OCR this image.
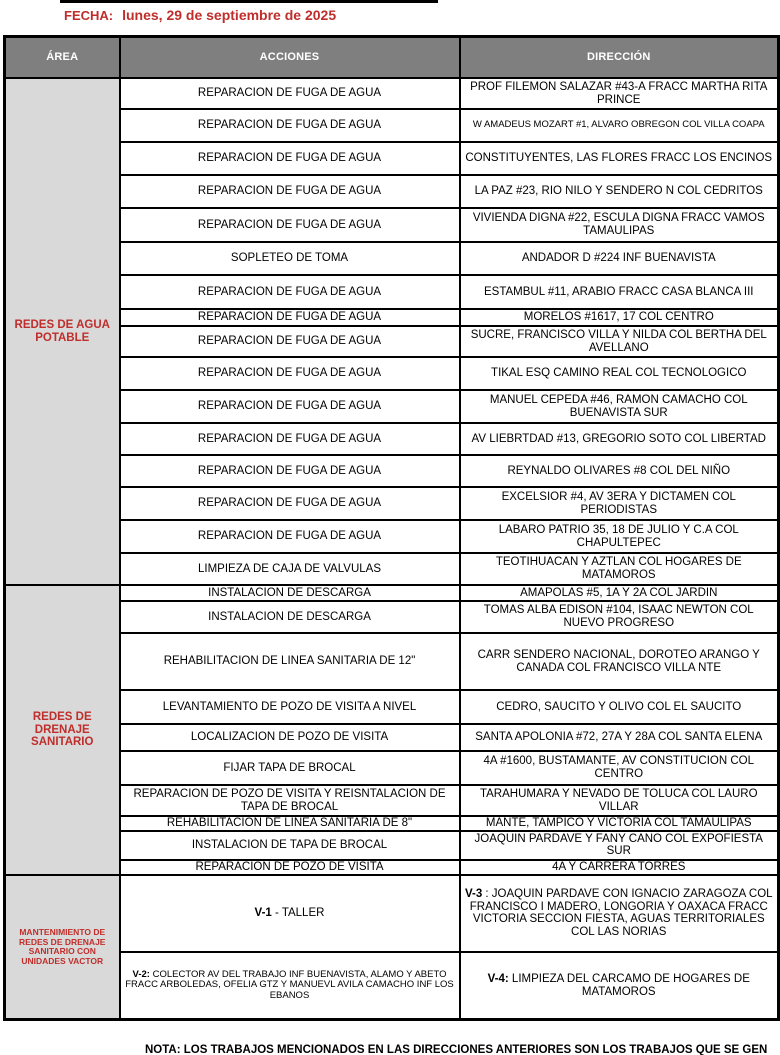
FECHA: lunes, 29 de septiembre de 2025
ÁREA	ACCIONES	DIRECCIÓN
REDES DE AGUA POTABLE	REPARACION DE FUGA DE AGUA	PROF FILEMON SALAZAR #43-A FRACC MARTHA RITA PRINCE
	REPARACION DE FUGA DE AGUA	W AMADEUS MOZART #1, ALVARO OBREGON COL VILLA COAPA
	REPARACION DE FUGA DE AGUA	CONSTITUYENTES, LAS FLORES FRACC LOS ENCINOS
	REPARACION DE FUGA DE AGUA	LA PAZ #23, RIO NILO Y SENDERO N COL CEDRITOS
	REPARACION DE FUGA DE AGUA	VIVIENDA DIGNA #22, ESCULA DIGNA FRACC VAMOS TAMAULIPAS
	SOPLETEO DE TOMA	ANDADOR D #224 INF BUENAVISTA
	REPARACION DE FUGA DE AGUA	ESTAMBUL #11, ARABIO FRACC CASA BLANCA III
	REPARACION DE FUGA DE AGUA	MORELOS #1617, 17 COL CENTRO
	REPARACION DE FUGA DE AGUA	SUCRE, FRANCISCO VILLA Y NILDA COL BERTHA DEL AVELLANO
	REPARACION DE FUGA DE AGUA	TIKAL ESQ CAMINO REAL COL TECNOLOGICO
	REPARACION DE FUGA DE AGUA	MANUEL CEPEDA #46, RAMON CAMACHO COL BUENAVISTA SUR
	REPARACION DE FUGA DE AGUA	AV LIEBRTDAD #13, GREGORIO SOTO COL LIBERTAD
	REPARACION DE FUGA DE AGUA	REYNALDO OLIVARES #8 COL DEL NIÑO
	REPARACION DE FUGA DE AGUA	EXCELSIOR #4, AV 3ERA Y DICTAMEN COL PERIODISTAS
	REPARACION DE FUGA DE AGUA	LABARO PATRIO 35, 18 DE JULIO Y C.A COL CHAPULTEPEC
	LIMPIEZA DE CAJA DE VALVULAS	TEOTIHUACAN Y AZTLAN COL HOGARES DE MATAMOROS
REDES DE DRENAJE SANITARIO	INSTALACION DE DESCARGA	AMAPOLAS #5, 1A Y 2A COL JARDIN
	INSTALACION DE DESCARGA	TOMAS ALBA EDISON #104, ISAAC NEWTON COL NUEVO PROGRESO
	REHABILITACION DE LINEA SANITARIA DE 12"	CARR SENDERO NACIONAL, DOROTEO ARANGO Y CANADA COL FRANCISCO VILLA NTE
	LEVANTAMIENTO DE POZO DE VISITA A NIVEL	CEDRO, SAUCITO Y OLIVO COL EL SAUCITO
	LOCALIZACION DE POZO DE VISITA	SANTA APOLONIA #72, 27A Y 28A COL SANTA ELENA
	FIJAR TAPA DE BROCAL	4A #1600, BUSTAMANTE, AV CONSTITUCION COL CENTRO
	REPARACION DE POZO DE VISITA Y REISNTALACION DE TAPA DE BROCAL	TARAHUMARA Y NEVADO DE TOLUCA COL LAURO VILLAR
	REHABILITACION DE LINEA SANITARIA DE 8"	MANTE, TAMPICO Y VICTORIA COL TAMAULIPAS
	INSTALACION DE TAPA DE BROCAL	JOAQUIN PARDAVE Y FANY CANO COL EXPOFIESTA SUR
	REPARACION DE POZO DE VISITA	4A Y CARRERA TORRES
MANTENIMIENTO DE REDES DE DRENAJE SANITARIO CON UNIDADES VACTOR	V-1 - TALLER	V-3 : JOAQUIN PARDAVE CON IGNACIO ZARAGOZA COL FRANCISCO I MADERO, LONGORIA Y OAXACA FRACC VICTORIA SECCION FIESTA, AGUAS TERRITORIALES COL LAS NORIAS
	V-2: COLECTOR AV DEL TRABAJO INF BUENAVISTA, ALAMO Y ABETO FRACC ARBOLEDAS, OFELIA GTZ Y MANUEVL AVILA CAMACHO INF LOS EBANOS	V-4: LIMPIEZA DEL CARCAMO DE HOGARES DE MATAMOROS
NOTA: LOS TRABAJOS MENCIONADOS EN LAS DIRECCIONES ANTERIORES SON LOS TRABAJOS QUE SE GEN
